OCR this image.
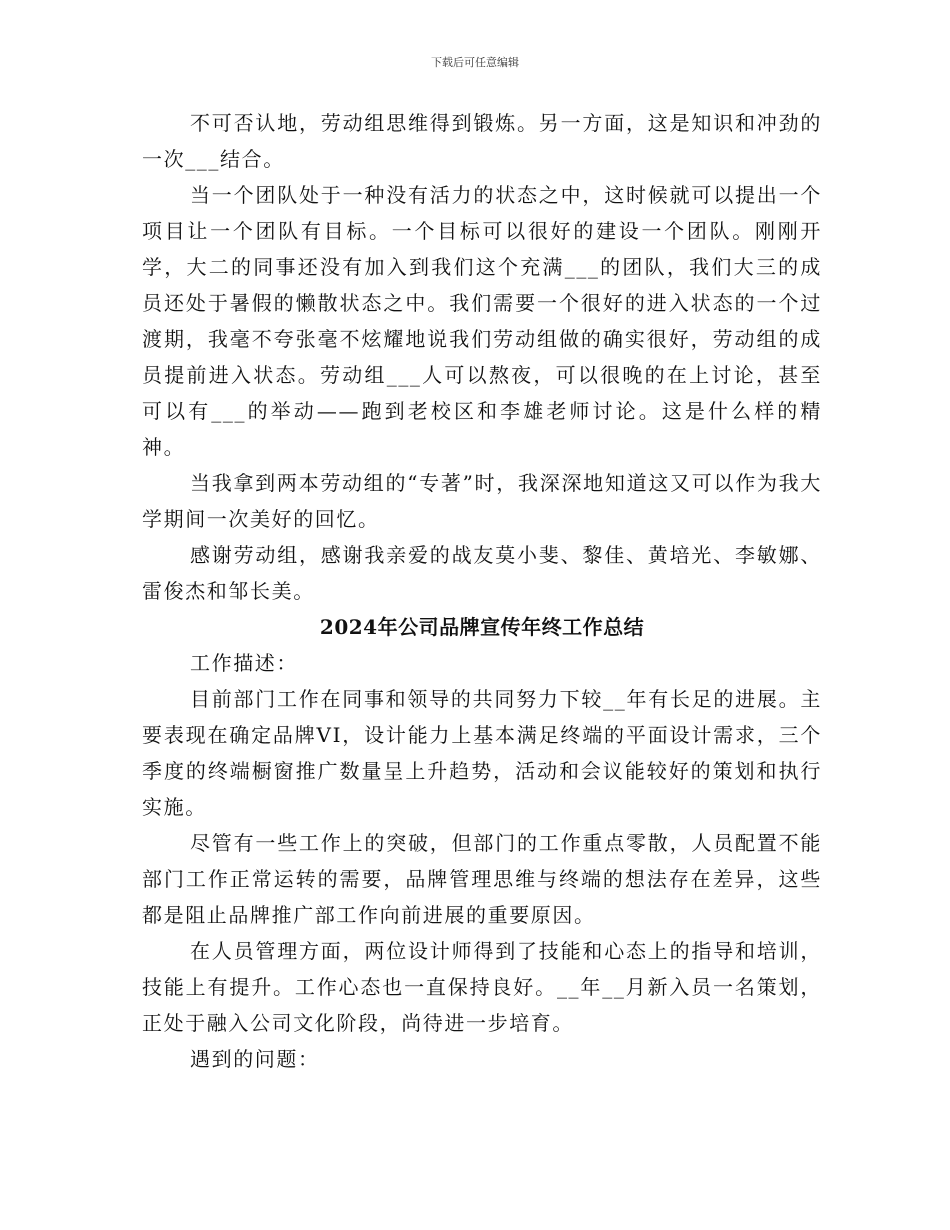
下载后可任意编辑

不可否认地，劳动组思维得到锻炼。另一方面，这是知识和冲劲的一次___结合。

当一个团队处于一种没有活力的状态之中，这时候就可以提出一个项目让一个团队有目标。一个目标可以很好的建设一个团队。刚刚开学，大二的同事还没有加入到我们这个充满___的团队，我们大三的成员还处于暑假的懒散状态之中。我们需要一个很好的进入状态的一个过渡期，我毫不夸张毫不炫耀地说我们劳动组做的确实很好，劳动组的成员提前进入状态。劳动组___人可以熬夜，可以很晚的在上讨论，甚至可以有___的举动——跑到老校区和李雄老师讨论。这是什么样的精神。

当我拿到两本劳动组的“专著”时，我深深地知道这又可以作为我大学期间一次美好的回忆。

感谢劳动组，感谢我亲爱的战友莫小斐、黎佳、黄培光、李敏娜、雷俊杰和邹长美。

2024年公司品牌宣传年终工作总结

工作描述：

目前部门工作在同事和领导的共同努力下较__年有长足的进展。主要表现在确定品牌VI，设计能力上基本满足终端的平面设计需求，三个季度的终端橱窗推广数量呈上升趋势，活动和会议能较好的策划和执行实施。

尽管有一些工作上的突破，但部门的工作重点零散，人员配置不能部门工作正常运转的需要，品牌管理思维与终端的想法存在差异，这些都是阻止品牌推广部工作向前进展的重要原因。

在人员管理方面，两位设计师得到了技能和心态上的指导和培训，技能上有提升。工作心态也一直保持良好。__年__月新入员一名策划，正处于融入公司文化阶段，尚待进一步培育。

遇到的问题：
